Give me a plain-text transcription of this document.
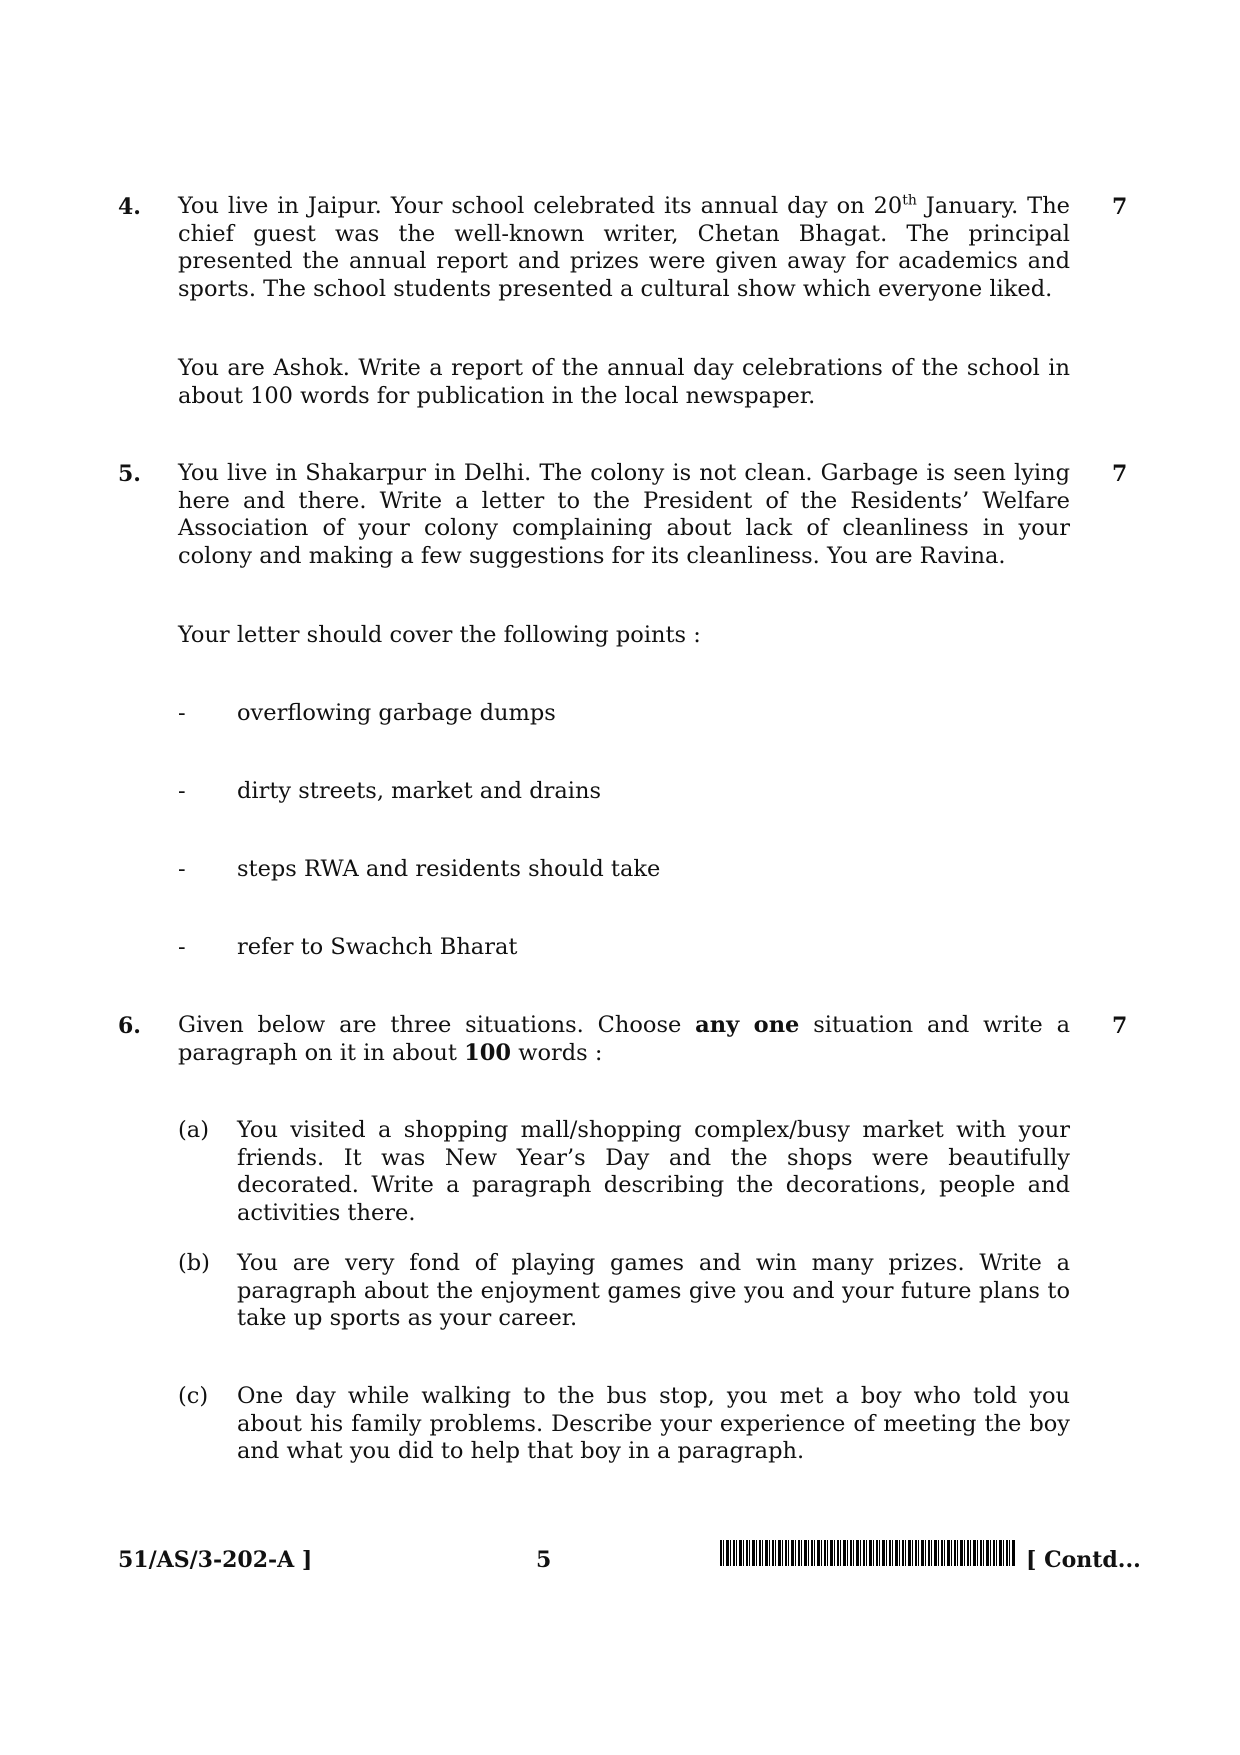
4.	7
You live in Jaipur. Your school celebrated its annual day on 20th January. The chief guest was the well-known writer, Chetan Bhagat. The principal presented the annual report and prizes were given away for academics and sports. The school students presented a cultural show which everyone liked.
You are Ashok. Write a report of the annual day celebrations of the school in about 100 words for publication in the local newspaper.
5.	7
You live in Shakarpur in Delhi. The colony is not clean. Garbage is seen lying here and there. Write a letter to the President of the Residents’ Welfare Association of your colony complaining about lack of cleanliness in your colony and making a few suggestions for its cleanliness. You are Ravina.
Your letter should cover the following points :
- overflowing garbage dumps
- dirty streets, market and drains
- steps RWA and residents should take
- refer to Swachch Bharat
6.	7
Given below are three situations. Choose any one situation and write a paragraph on it in about 100 words :
(a) You visited a shopping mall/shopping complex/busy market with your friends. It was New Year’s Day and the shops were beautifully decorated. Write a paragraph describing the decorations, people and activities there.
(b) You are very fond of playing games and win many prizes. Write a paragraph about the enjoyment games give you and your future plans to take up sports as your career.
(c) One day while walking to the bus stop, you met a boy who told you about his family problems. Describe your experience of meeting the boy and what you did to help that boy in a paragraph.
51/AS/3-202-A ]	5	[ Contd...
